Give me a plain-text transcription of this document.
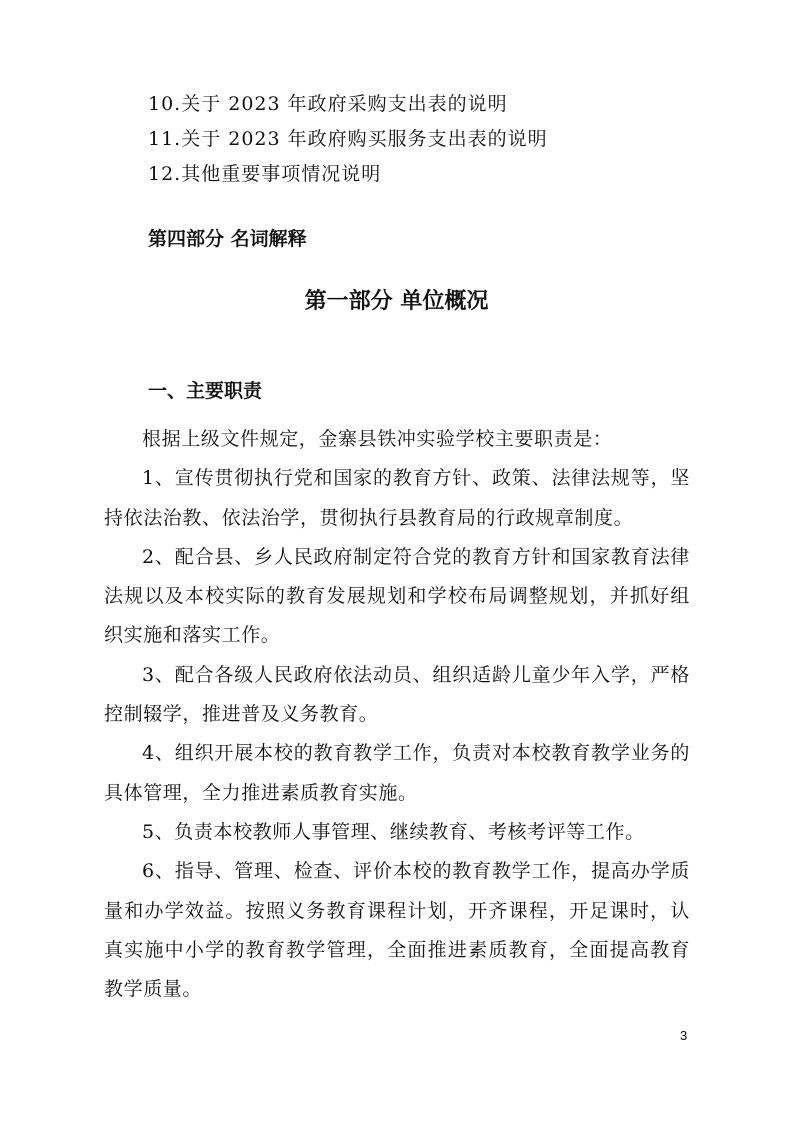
10.关于 2023 年政府采购支出表的说明
11.关于 2023 年政府购买服务支出表的说明
12.其他重要事项情况说明
第四部分 名词解释
第一部分 单位概况
一、主要职责

根据上级文件规定，金寨县铁冲实验学校主要职责是：

1、宣传贯彻执行党和国家的教育方针、政策、法律法规等，坚持依法治教、依法治学，贯彻执行县教育局的行政规章制度。

2、配合县、乡人民政府制定符合党的教育方针和国家教育法律法规以及本校实际的教育发展规划和学校布局调整规划，并抓好组织实施和落实工作。

3、配合各级人民政府依法动员、组织适龄儿童少年入学，严格控制辍学，推进普及义务教育。

4、组织开展本校的教育教学工作，负责对本校教育教学业务的具体管理，全力推进素质教育实施。

5、负责本校教师人事管理、继续教育、考核考评等工作。

6、指导、管理、检查、评价本校的教育教学工作，提高办学质量和办学效益。按照义务教育课程计划，开齐课程，开足课时，认真实施中小学的教育教学管理，全面推进素质教育，全面提高教育教学质量。

3
